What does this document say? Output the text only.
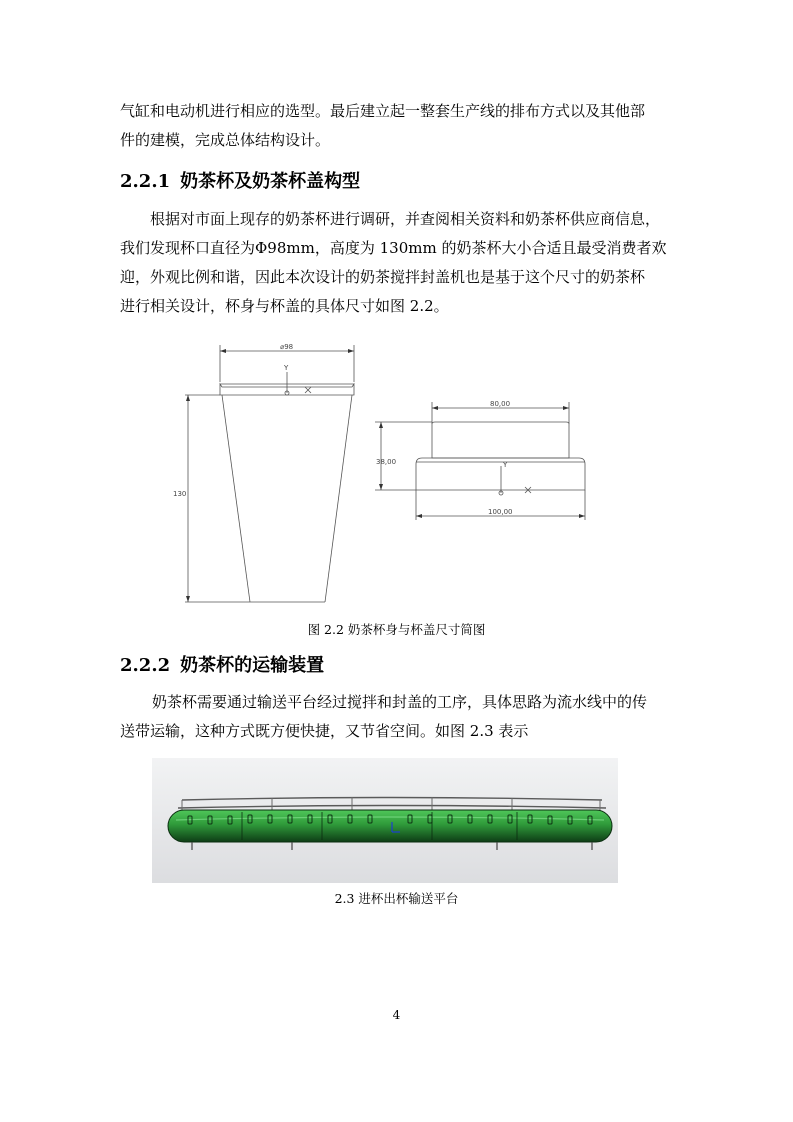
气缸和电动机进行相应的选型。最后建立起一整套生产线的排布方式以及其他部
件的建模，完成总体结构设计。

2.2.1 奶茶杯及奶茶杯盖构型

根据对市面上现存的奶茶杯进行调研，并查阅相关资料和奶茶杯供应商信息，

我们发现杯口直径为Φ98mm，高度为 130mm 的奶茶杯大小合适且最受消费者欢
迎，外观比例和谐，因此本次设计的奶茶搅拌封盖机也是基于这个尺寸的奶茶杯
进行相关设计，杯身与杯盖的具体尺寸如图 2.2。

⌀98
130
Y
80,00
38,00
100,00
Y
图 2.2 奶茶杯身与杯盖尺寸简图
2.2.2 奶茶杯的运输装置

奶茶杯需要通过输送平台经过搅拌和封盖的工序，具体思路为流水线中的传

送带运输，这种方式既方便快捷，又节省空间。如图 2.3 表示

2.3 进杯出杯输送平台
4
